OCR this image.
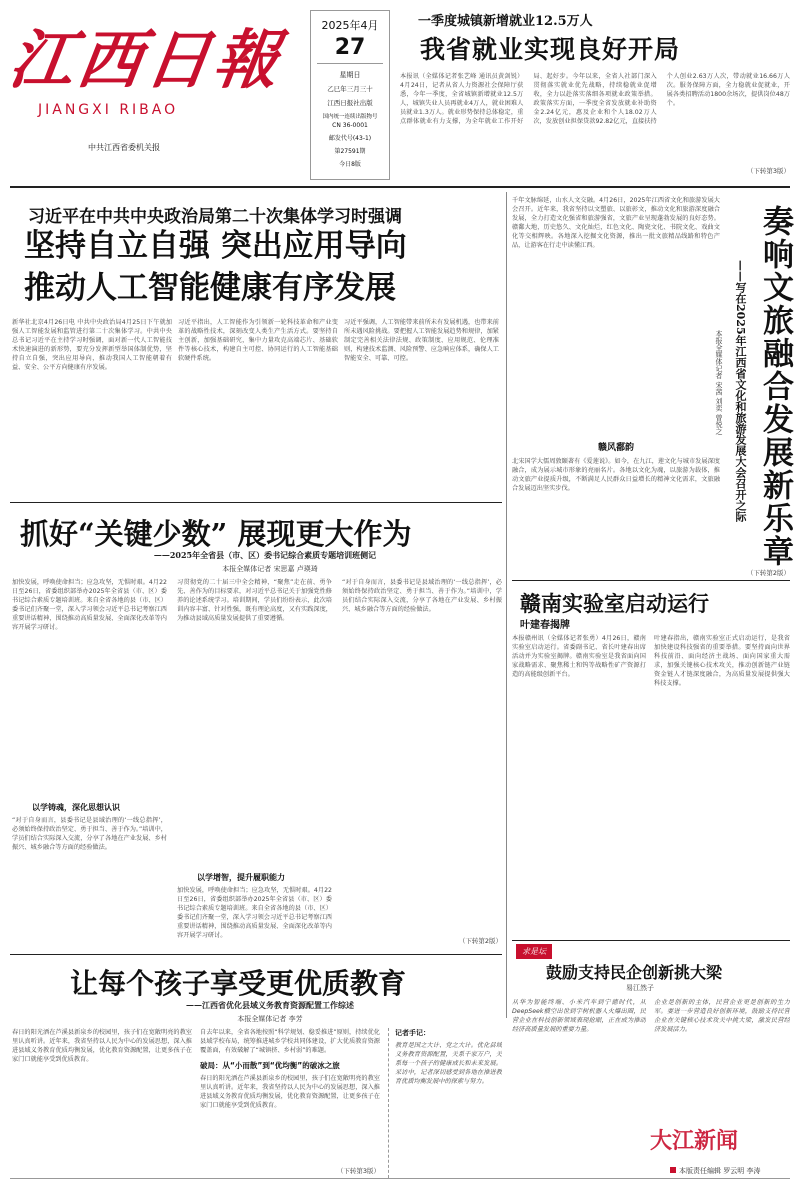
江西日報
JIANGXI RIBAO
中共江西省委机关报
2025年4月
27
星期日
乙巳年三月三十
江西日报社出版
国内统一连续出版物号
CN 36-0001
邮发代号(43-1)
第27591期
今日8版
一季度城镇新增就业12.5万人
我省就业实现良好开局
本报讯（全媒体记者张艺峰 通讯员黄剑锐）4月24日，记者从省人力资源社会保障厅获悉，今年一季度，全省城镇新增就业12.5万人，城镇失业人员再就业4万人，就业困难人员就业1.3万人。就业形势保持总体稳定，重点群体就业有力支撑，为全年就业工作开好局、起好步。今年以来，全省人社部门深入贯彻落实就业优先战略，持续稳就业促增收，全力以赴落实落细各项就业政策举措。政策落实方面，一季度全省发放就业补助资金2.24亿元，惠及企业和个人18.02万人次，发放创业担保贷款92.82亿元，直接扶持个人创业2.63万人次，带动就业16.66万人次。服务保障方面，全力稳就业促就业，开展各类招聘活动1800余场次，提供岗位48万个。
（下转第3版）
习近平在中共中央政治局第二十次集体学习时强调
坚持自立自强 突出应用导向
推动人工智能健康有序发展
新华社北京4月26日电 中共中央政治局4月25日下午就加强人工智能发展和监管进行第二十次集体学习。中共中央总书记习近平在主持学习时强调，面对新一代人工智能技术快速演进的新形势，要充分发挥新型举国体制优势，坚持自立自强，突出应用导向，推动我国人工智能朝着有益、安全、公平方向健康有序发展。
习近平指出，人工智能作为引领新一轮科技革命和产业变革的战略性技术，深刻改变人类生产生活方式。要坚持自主创新，加强基础研究，集中力量攻克高端芯片、基础软件等核心技术，构建自主可控、协同运行的人工智能基础软硬件系统。
习近平强调，人工智能带来前所未有发展机遇，也带来前所未遇风险挑战。要把握人工智能发展趋势和规律，加紧制定完善相关法律法规、政策制度、应用规范、伦理准则，构建技术监测、风险预警、应急响应体系，确保人工智能安全、可靠、可控。
抓好“关键少数” 展现更大作为
——2025年全省县（市、区）委书记综合素质专题培训班侧记
本报全媒体记者 宋思嘉 卢瑛琦
加快发展，呼唤使命担当；应急攻坚，无惧时艰。4月22日至26日，省委组织部举办2025年全省县（市、区）委书记综合素质专题培训班。来自全省各地的县（市、区）委书记们齐聚一堂，深入学习领会习近平总书记考察江西重要讲话精神，围绕推动高质量发展、全面深化改革等内容开展学习研讨。
以学铸魂，深化思想认识
“对于自身而言，县委书记是县域治理的‘一线总指挥’，必须始终保持政治坚定、勇于担当、善于作为。”培训中，学员们结合实际深入交流，分享了各地在产业发展、乡村振兴、城乡融合等方面的经验做法。
习贯彻党的二十届三中全会精神，“聚焦”走在前、勇争先、善作为的目标要求，对习近平总书记关于加强党性修养的论述系统学习。培训期间，学员们纷纷表示，此次培训内容丰富、针对性强，既有理论高度，又有实践深度，为推动县域高质量发展提供了重要遵循。
以学增智，提升履职能力
加快发展，呼唤使命担当；应急攻坚，无惧时艰。4月22日至26日，省委组织部举办2025年全省县（市、区）委书记综合素质专题培训班。来自全省各地的县（市、区）委书记们齐聚一堂，深入学习领会习近平总书记考察江西重要讲话精神，围绕推动高质量发展、全面深化改革等内容开展学习研讨。
“对于自身而言，县委书记是县域治理的‘一线总指挥’，必须始终保持政治坚定、勇于担当、善于作为。”培训中，学员们结合实际深入交流，分享了各地在产业发展、乡村振兴、城乡融合等方面的经验做法。
（下转第2版）
让每个孩子享受更优质教育
——江西省优化县域义务教育资源配置工作综述
本报全媒体记者 李芳
春日的阳光洒在芦溪县新泉乡的校园里，孩子们在宽敞明亮的教室里认真听讲。近年来，我省坚持以人民为中心的发展思想，深入推进县域义务教育优质均衡发展，优化教育资源配置，让更多孩子在家门口就能享受到优质教育。
自去年以来，全省各地按照“科学规划、稳妥推进”原则，持续优化县域学校布局，统筹推进城乡学校共同体建设，扩大优质教育资源覆盖面，有效破解了“城镇挤、乡村弱”的难题。
破局：从“小而散”到“优均衡”的破冰之旅
春日的阳光洒在芦溪县新泉乡的校园里，孩子们在宽敞明亮的教室里认真听讲。近年来，我省坚持以人民为中心的发展思想，深入推进县域义务教育优质均衡发展，优化教育资源配置，让更多孩子在家门口就能享受到优质教育。
（下转第3版）
记者手记：
教育是国之大计、党之大计。优化县域义务教育资源配置，关系千家万户，关系每一个孩子的健康成长和未来发展。采访中，记者深切感受到各地在推进教育优质均衡发展中的探索与努力。
千年文脉绵延，山水人文交融。4月26日，2025年江西省文化和旅游发展大会召开。近年来，我省坚持以文塑旅、以旅彰文，推动文化和旅游深度融合发展，全力打造文化强省和旅游强省，文旅产业呈现蓬勃发展的良好态势。赣鄱大地，历史悠久、文化灿烂，红色文化、陶瓷文化、书院文化、戏曲文化等交相辉映。各地深入挖掘文化资源，推出一批文旅精品线路和特色产品，让游客在行走中读懂江西。
赣风鄱韵
北宋国学大儒周敦颐著有《爱莲说》。如今，在九江，莲文化与城市发展深度融合，成为展示城市形象的亮丽名片。各地以文化为魂，以旅游为载体，推动文旅产业提质升级，不断满足人民群众日益增长的精神文化需求，文旅融合发展迈出坚实步伐。	奏响文旅融合发展新乐章
——写在2025年江西省文化和旅游发展大会召开之际
本报全媒体记者 宋茜 刘奕 曾悦之
（下转第2版）
赣南实验室启动运行
叶建春揭牌
本报赣州讯（全媒体记者张勇）4月26日，赣南实验室启动运行。省委副书记、省长叶建春出席活动并为实验室揭牌。赣南实验室是我省面向国家战略需求、聚焦稀土和钨等战略性矿产资源打造的高能级创新平台。
叶建春指出，赣南实验室正式启动运行，是我省加快建设科技强省的重要举措。要坚持面向世界科技前沿、面向经济主战场、面向国家重大需求，加强关键核心技术攻关，推动创新链产业链资金链人才链深度融合，为高质量发展提供强大科技支撑。
求是坛
鼓励支持民企创新挑大梁
易江然子
从华为智能终端、小米汽车到宁德时代，从DeepSeek横空出世到宇树机器人火爆出圈，民营企业在科技创新领域表现抢眼，正在成为推动经济高质量发展的重要力量。
企业是创新的主体，民营企业更是创新的生力军。要进一步营造良好创新环境，鼓励支持民营企业在关键核心技术攻关中挑大梁，激发民营经济发展活力。
大江新闻
本版责任编辑 罗云明 李涛
